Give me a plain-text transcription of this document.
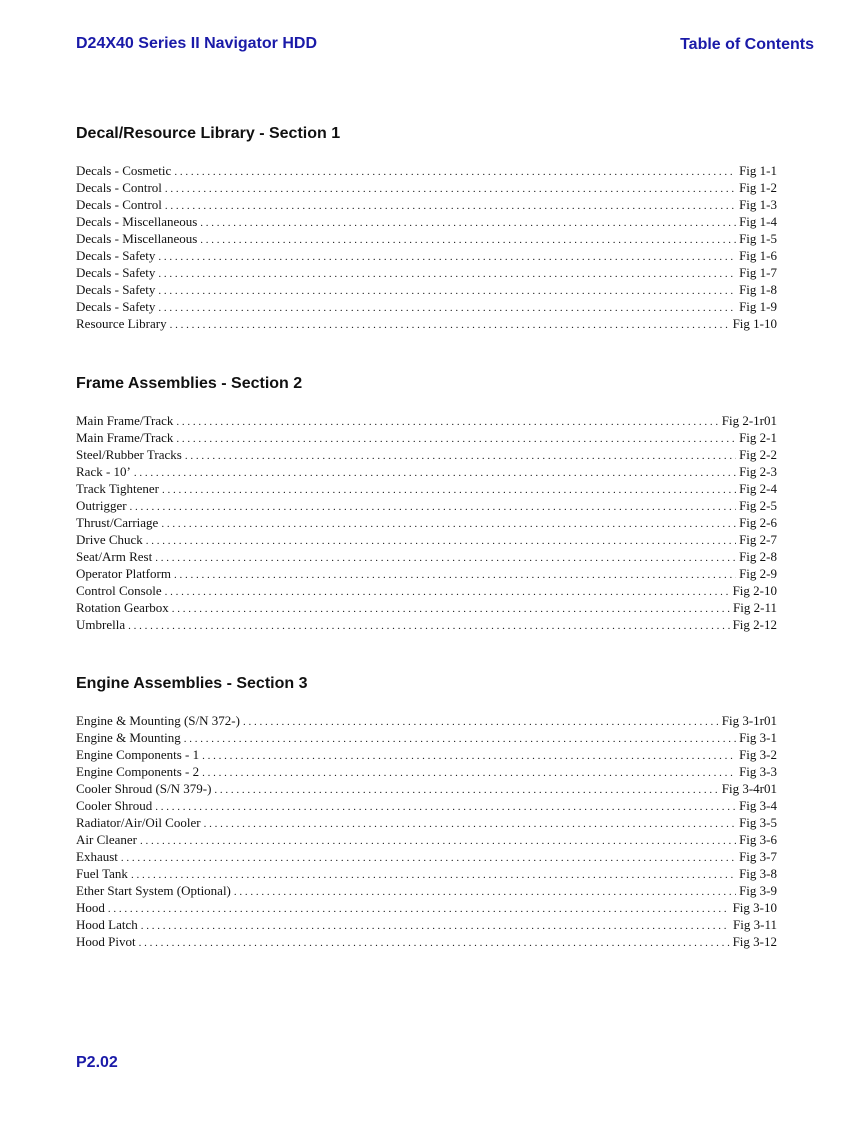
D24X40 Series II Navigator HDD	Table of Contents
Decal/Resource Library - Section 1
Decals - Cosmetic . . .	Fig 1-1
Decals - Control . . .	Fig 1-2
Decals - Control . . .	Fig 1-3
Decals - Miscellaneous . . .	Fig 1-4
Decals - Miscellaneous . . .	Fig 1-5
Decals - Safety . . .	Fig 1-6
Decals - Safety . . .	Fig 1-7
Decals - Safety . . .	Fig 1-8
Decals - Safety . . .	Fig 1-9
Resource Library . . .	Fig 1-10
Frame Assemblies - Section 2
Main Frame/Track . . .	Fig 2-1r01
Main Frame/Track . . .	Fig 2-1
Steel/Rubber Tracks . . .	Fig 2-2
Rack - 10’ . . .	Fig 2-3
Track Tightener . . .	Fig 2-4
Outrigger . . .	Fig 2-5
Thrust/Carriage . . .	Fig 2-6
Drive Chuck . . .	Fig 2-7
Seat/Arm Rest . . .	Fig 2-8
Operator Platform . . .	Fig 2-9
Control Console . . .	Fig 2-10
Rotation Gearbox . . .	Fig 2-11
Umbrella . . .	Fig 2-12
Engine Assemblies - Section 3
Engine & Mounting (S/N 372-) . . .	Fig 3-1r01
Engine & Mounting . . .	Fig 3-1
Engine Components - 1 . . .	Fig 3-2
Engine Components - 2 . . .	Fig 3-3
Cooler Shroud (S/N 379-) . . .	Fig 3-4r01
Cooler Shroud . . .	Fig 3-4
Radiator/Air/Oil Cooler . . .	Fig 3-5
Air Cleaner . . .	Fig 3-6
Exhaust . . .	Fig 3-7
Fuel Tank . . .	Fig 3-8
Ether Start System (Optional) . . .	Fig 3-9
Hood . . .	Fig 3-10
Hood Latch . . .	Fig 3-11
Hood Pivot . . .	Fig 3-12
P2.02
